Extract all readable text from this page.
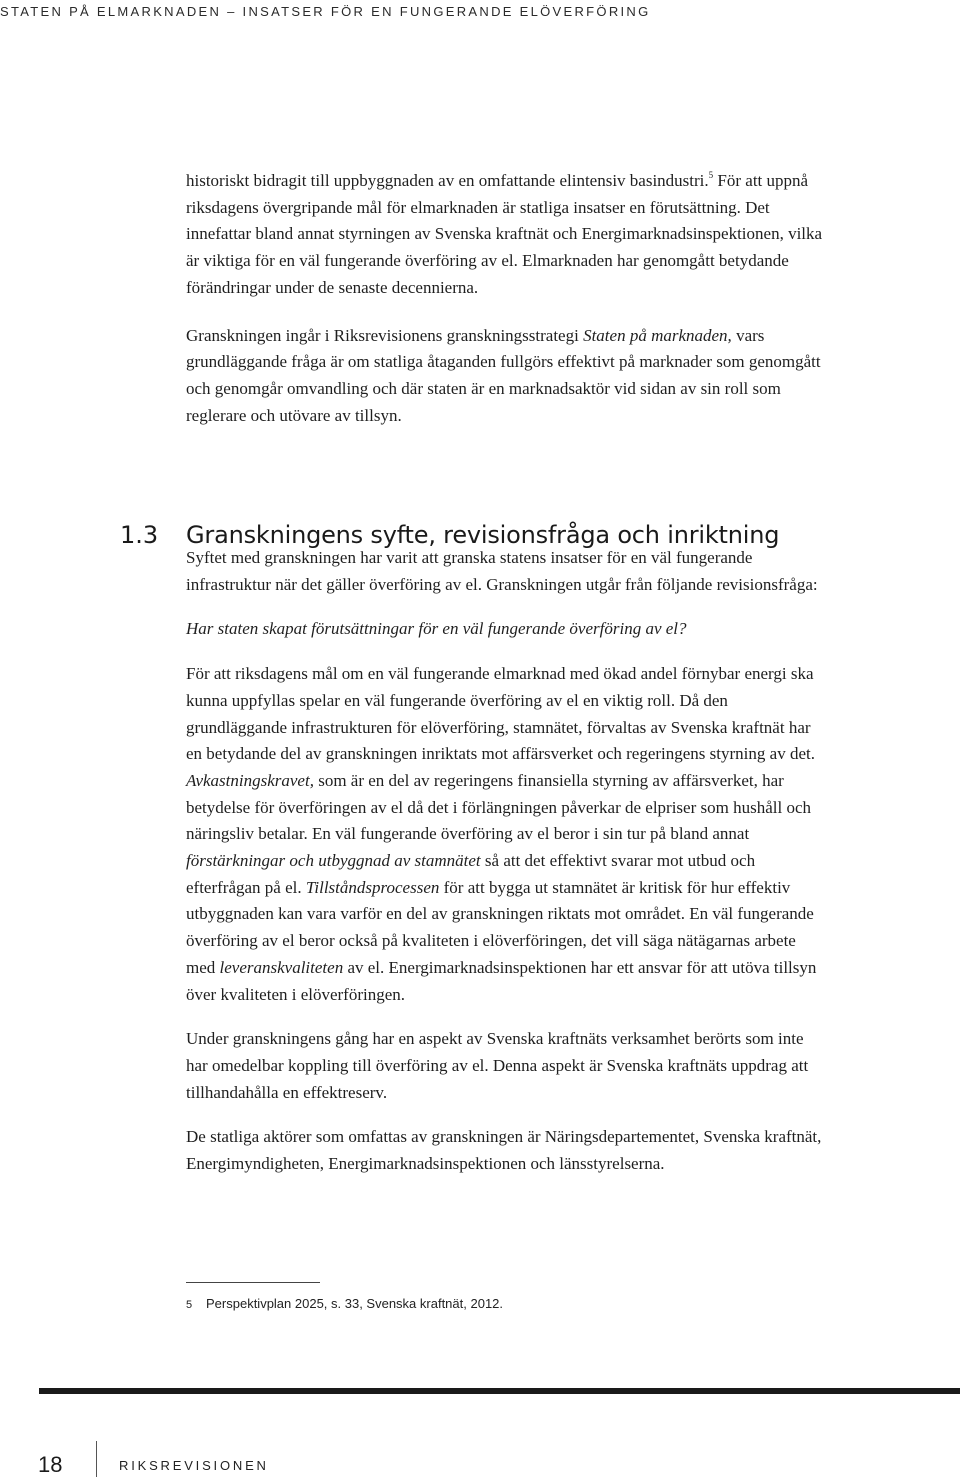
STATEN PÅ ELMARKNADEN – INSATSER FÖR EN FUNGERANDE ELÖVERFÖRING

historiskt bidragit till uppbyggnaden av en omfattande elintensiv basindustri.$^5$ För att uppnå riksdagens övergripande mål för elmarknaden är statliga insatser en förutsättning. Det innefattar bland annat styrningen av Svenska kraftnät och Energimarknadsinspektionen, vilka är viktiga för en väl fungerande överföring av el. Elmarknaden har genomgått betydande förändringar under de senaste decennierna.

Granskningen ingår i Riksrevisionens granskningsstrategi Staten på marknaden, vars grundläggande fråga är om statliga åtaganden fullgörs effektivt på marknader som genomgått och genomgår omvandling och där staten är en marknadsaktör vid sidan av sin roll som reglerare och utövare av tillsyn.

1.3 Granskningens syfte, revisionsfråga och inriktning

Syftet med granskningen har varit att granska statens insatser för en väl fungerande infrastruktur när det gäller överföring av el. Granskningen utgår från följande revisionsfråga:

Har staten skapat förutsättningar för en väl fungerande överföring av el?

För att riksdagens mål om en väl fungerande elmarknad med ökad andel förnybar energi ska kunna uppfyllas spelar en väl fungerande överföring av el en viktig roll. Då den grundläggande infrastrukturen för elöverföring, stamnätet, förvaltas av Svenska kraftnät har en betydande del av granskningen inriktats mot affärsverket och regeringens styrning av det. Avkastningskravet, som är en del av regeringens finansiella styrning av affärsverket, har betydelse för överföringen av el då det i förlängningen påverkar de elpriser som hushåll och näringsliv betalar. En väl fungerande överföring av el beror i sin tur på bland annat förstärkningar och utbyggnad av stamnätet så att det effektivt svarar mot utbud och efterfrågan på el. Tillståndsprocessen för att bygga ut stamnätet är kritisk för hur effektiv utbyggnaden kan vara varför en del av granskningen riktats mot området. En väl fungerande överföring av el beror också på kvaliteten i elöverföringen, det vill säga nätägarnas arbete med leveranskvaliteten av el. Energimarknadsinspektionen har ett ansvar för att utöva tillsyn över kvaliteten i elöverföringen.

Under granskningens gång har en aspekt av Svenska kraftnäts verksamhet berörts som inte har omedelbar koppling till överföring av el. Denna aspekt är Svenska kraftnäts uppdrag att tillhandahålla en effektreserv.

De statliga aktörer som omfattas av granskningen är Näringsdepartementet, Svenska kraftnät, Energimyndigheten, Energimarknadsinspektionen och länsstyrelserna.

5 Perspektivplan 2025, s. 33, Svenska kraftnät, 2012.
18	RIKSREVISIONEN
